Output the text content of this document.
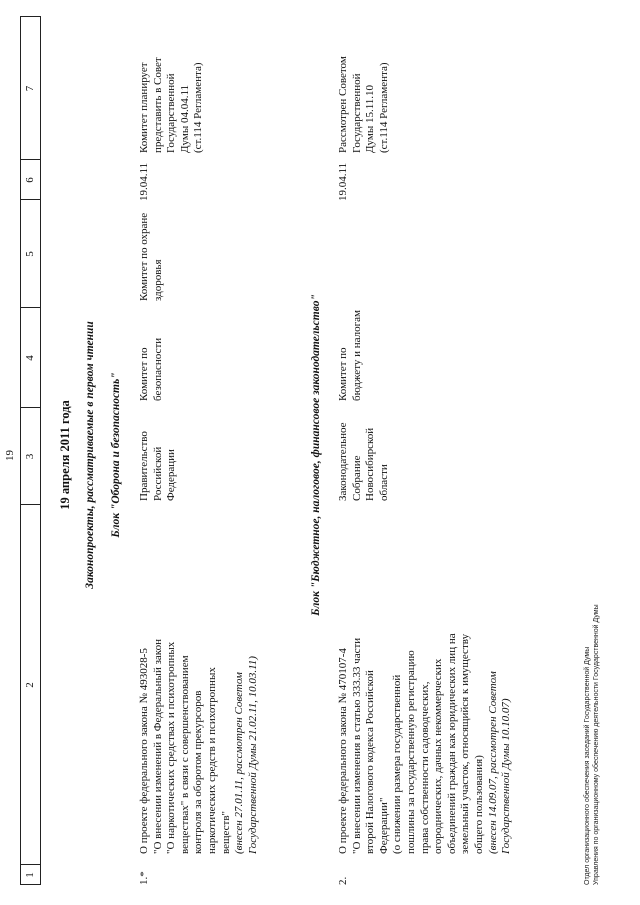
1
2
3
4
5
6
7
19	19 апреля 2011 года Законопроекты, рассматриваемые в первом чтении Блок "Оборона и безопасность"
1.*
О проекте федерального закона № 493028-5
"О внесении изменений в Федеральный закон
"О наркотических средствах и психотропных
веществах" в связи с совершенствованием
контроля за оборотом прекурсоров
наркотических средств и психотропных
веществ" (внесен 27.01.11, рассмотрен Советом
Государственной Думы 21.02.11, 10.03.11)
Правительство
Российской
Федерации
Комитет по
безопасности
Комитет по охране
здоровья
19.04.11
Комитет планирует
представить в Совет
Государственной
Думы 04.04.11
(ст.114 Регламента)
Блок "Бюджетное, налоговое, финансовое законодательство"
2.
О проекте федерального закона № 470107-4
"О внесении изменения в статью 333.33 части
второй Налогового кодекса Российской
Федерации"
(о снижении размера государственной
пошлины за государственную регистрацию
права собственности садоводческих,
огороднических, дачных некоммерческих
объединений граждан как юридических лиц на
земельный участок, относящийся к имуществу
общего пользования)
(внесен 14.09.07, рассмотрен Советом
Государственной Думы 10.10.07)
Законодательное
Собрание
Новосибирской
области
Комитет по
бюджету и налогам
19.04.11
Рассмотрен Советом
Государственной
Думы 15.11.10
(ст.114 Регламента)
Отдел организационного обеспечения заседаний Государственной Думы
Управления по организационному обеспечению деятельности Государственной Думы
